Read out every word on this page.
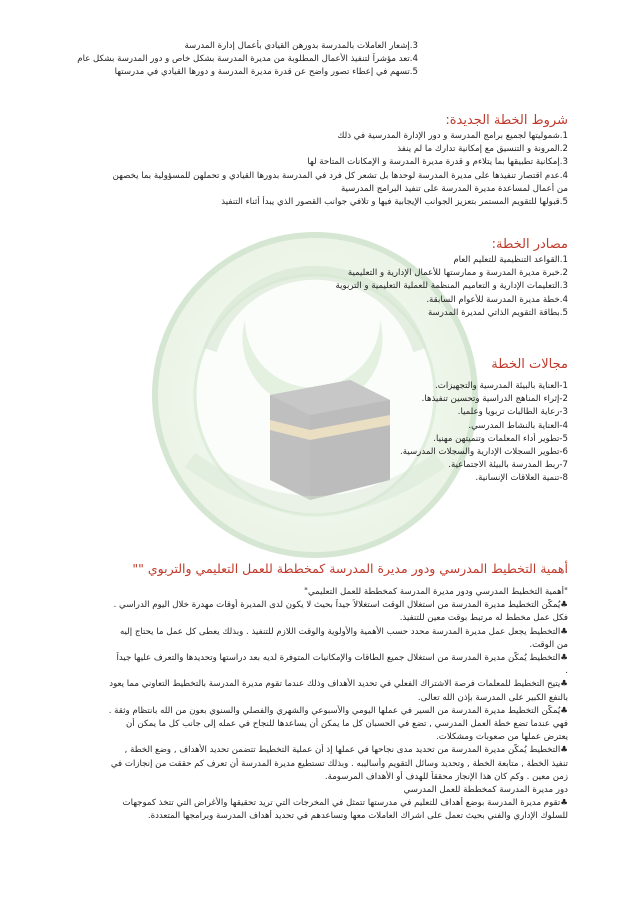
3.إشعار العاملات بالمدرسة بدورهن القيادي بأعمال إدارة المدرسة
4.تعد مؤشراً لتنفيذ الأعمال المطلوبة من مديرة المدرسة بشكل خاص و دور المدرسة بشكل عام
5.تسهم في إعطاء تصور واضح عن قدرة مديرة المدرسة و دورها القيادي في مدرستها
شروط الخطة الجديدة:
1.شموليتها لجميع برامج المدرسة و دور الإدارة المدرسية في ذلك
2.المرونة و التنسيق مع إمكانية تدارك ما لم ينفذ
3.إمكانية تطبيقها بما يتلاءم و قدرة مديرة المدرسة و الإمكانات المتاحة لها
4.عدم اقتصار تنفيذها على مديرة المدرسة لوحدها بل تشعر كل فرد في المدرسة بدورها القيادي و تحملهن للمسؤولية بما يخصهن
من أعمال لمساعدة مديرة المدرسة على تنفيذ البرامج المدرسية
5.قبولها للتقويم المستمر بتعزيز الجوانب الإيجابية فيها و تلافي جوانب القصور الذي يبدأ أثناء التنفيذ
مصادر الخطة:
1.القواعد التنظيمية للتعليم العام
2.خبرة مديرة المدرسة و ممارستها للأعمال الإدارية و التعليمية
3.التعليمات الإدارية و التعاميم المنظمة للعملية التعليمية و التربوية
4.خطة مديرة المدرسة للأعوام السابقة.
5.بطاقة التقويم الذاتي لمديرة المدرسة
مجالات الخطة
1-العناية بالبيئة المدرسية والتجهيزات.
2-إثراء المناهج الدراسية وتحسين تنفيذها.
3-رعاية الطالبات تربويا وعلميا.
4-العناية بالنشاط المدرسي.
5-تطوير أداء المعلمات وتنميتهن مهنيا.
6-تطوير السجلات الإدارية والسجلات المدرسية.
7-ربط المدرسة بالبيئة الاجتماعية.
8-تنمية العلاقات الإنسانية.
أهمية التخطيط المدرسي ودور مديرة المدرسة كمخططة للعمل التعليمي والتربوي ""
"أهمية التخطيط المدرسي ودور مديرة المدرسة كمخططة للعمل التعليمي"
♣يُمكّن التخطيط مديرة المدرسة من استغلال الوقت استغلالاً جيداً بحيث لا يكون لدى المديرة أوقات مهدرة خلال اليوم الدراسي .
فكل عمل مخطط له مرتبط بوقت معين للتنفيذ.
♣التخطيط يجعل عمل مديرة المدرسة محدد حسب الأهمية والأولوية والوقت اللازم للتنفيذ . وبذلك يعطى كل عمل ما يحتاج إليه
من الوقت.
♣التخطيط يُمكّن مديرة المدرسة من استغلال جميع الطاقات والإمكانيات المتوفرة لديه بعد دراستها وتحديدها والتعرف عليها جيداً
.
♣يتيح التخطيط للمعلمات فرصة الاشتراك الفعلي في تحديد الأهداف وذلك عندما تقوم مديرة المدرسة بالتخطيط التعاوني مما يعود
بالنفع الكبير على المدرسة بإذن الله تعالى.
♣يُمكّن التخطيط مديرة المدرسة من السير في عملها اليومي والأسبوعي والشهري والفصلي والسنوي بعون من الله بانتظام وثقة .
فهي عندما تضع خطة العمل المدرسي , تضع في الحسبان كل ما يمكن أن يساعدها للنجاح في عمله إلى جانب كل ما يمكن أن
يعترض عملها من صعوبات ومشكلات.
♣التخطيط يُمكّن مديرة المدرسة من تحديد مدى نجاحها في عملها إذ أن عملية التخطيط تتضمن تحديد الأهداف , وضع الخطة ,
تنفيذ الخطة , متابعة الخطة , وتحديد وسائل التقويم وأساليبه . وبذلك تستطيع مديرة المدرسة أن تعرف كم حققت من إنجازات في
زمن معين . وكم كان هذا الإنجاز محققاً للهدف أو الأهداف المرسومة.
دور مديرة المدرسة كمخططة للعمل المدرسي
♣تقوم مديرة المدرسة بوضع أهداف للتعليم في مدرستها تتمثل في المخرجات التي تريد تحقيقها والأغراض التي تتخذ كموجهات
للسلوك الإداري والفني بحيث تعمل على اشراك العاملات معها وتساعدهم في تحديد أهداف المدرسة وبرامجها المتعددة.
